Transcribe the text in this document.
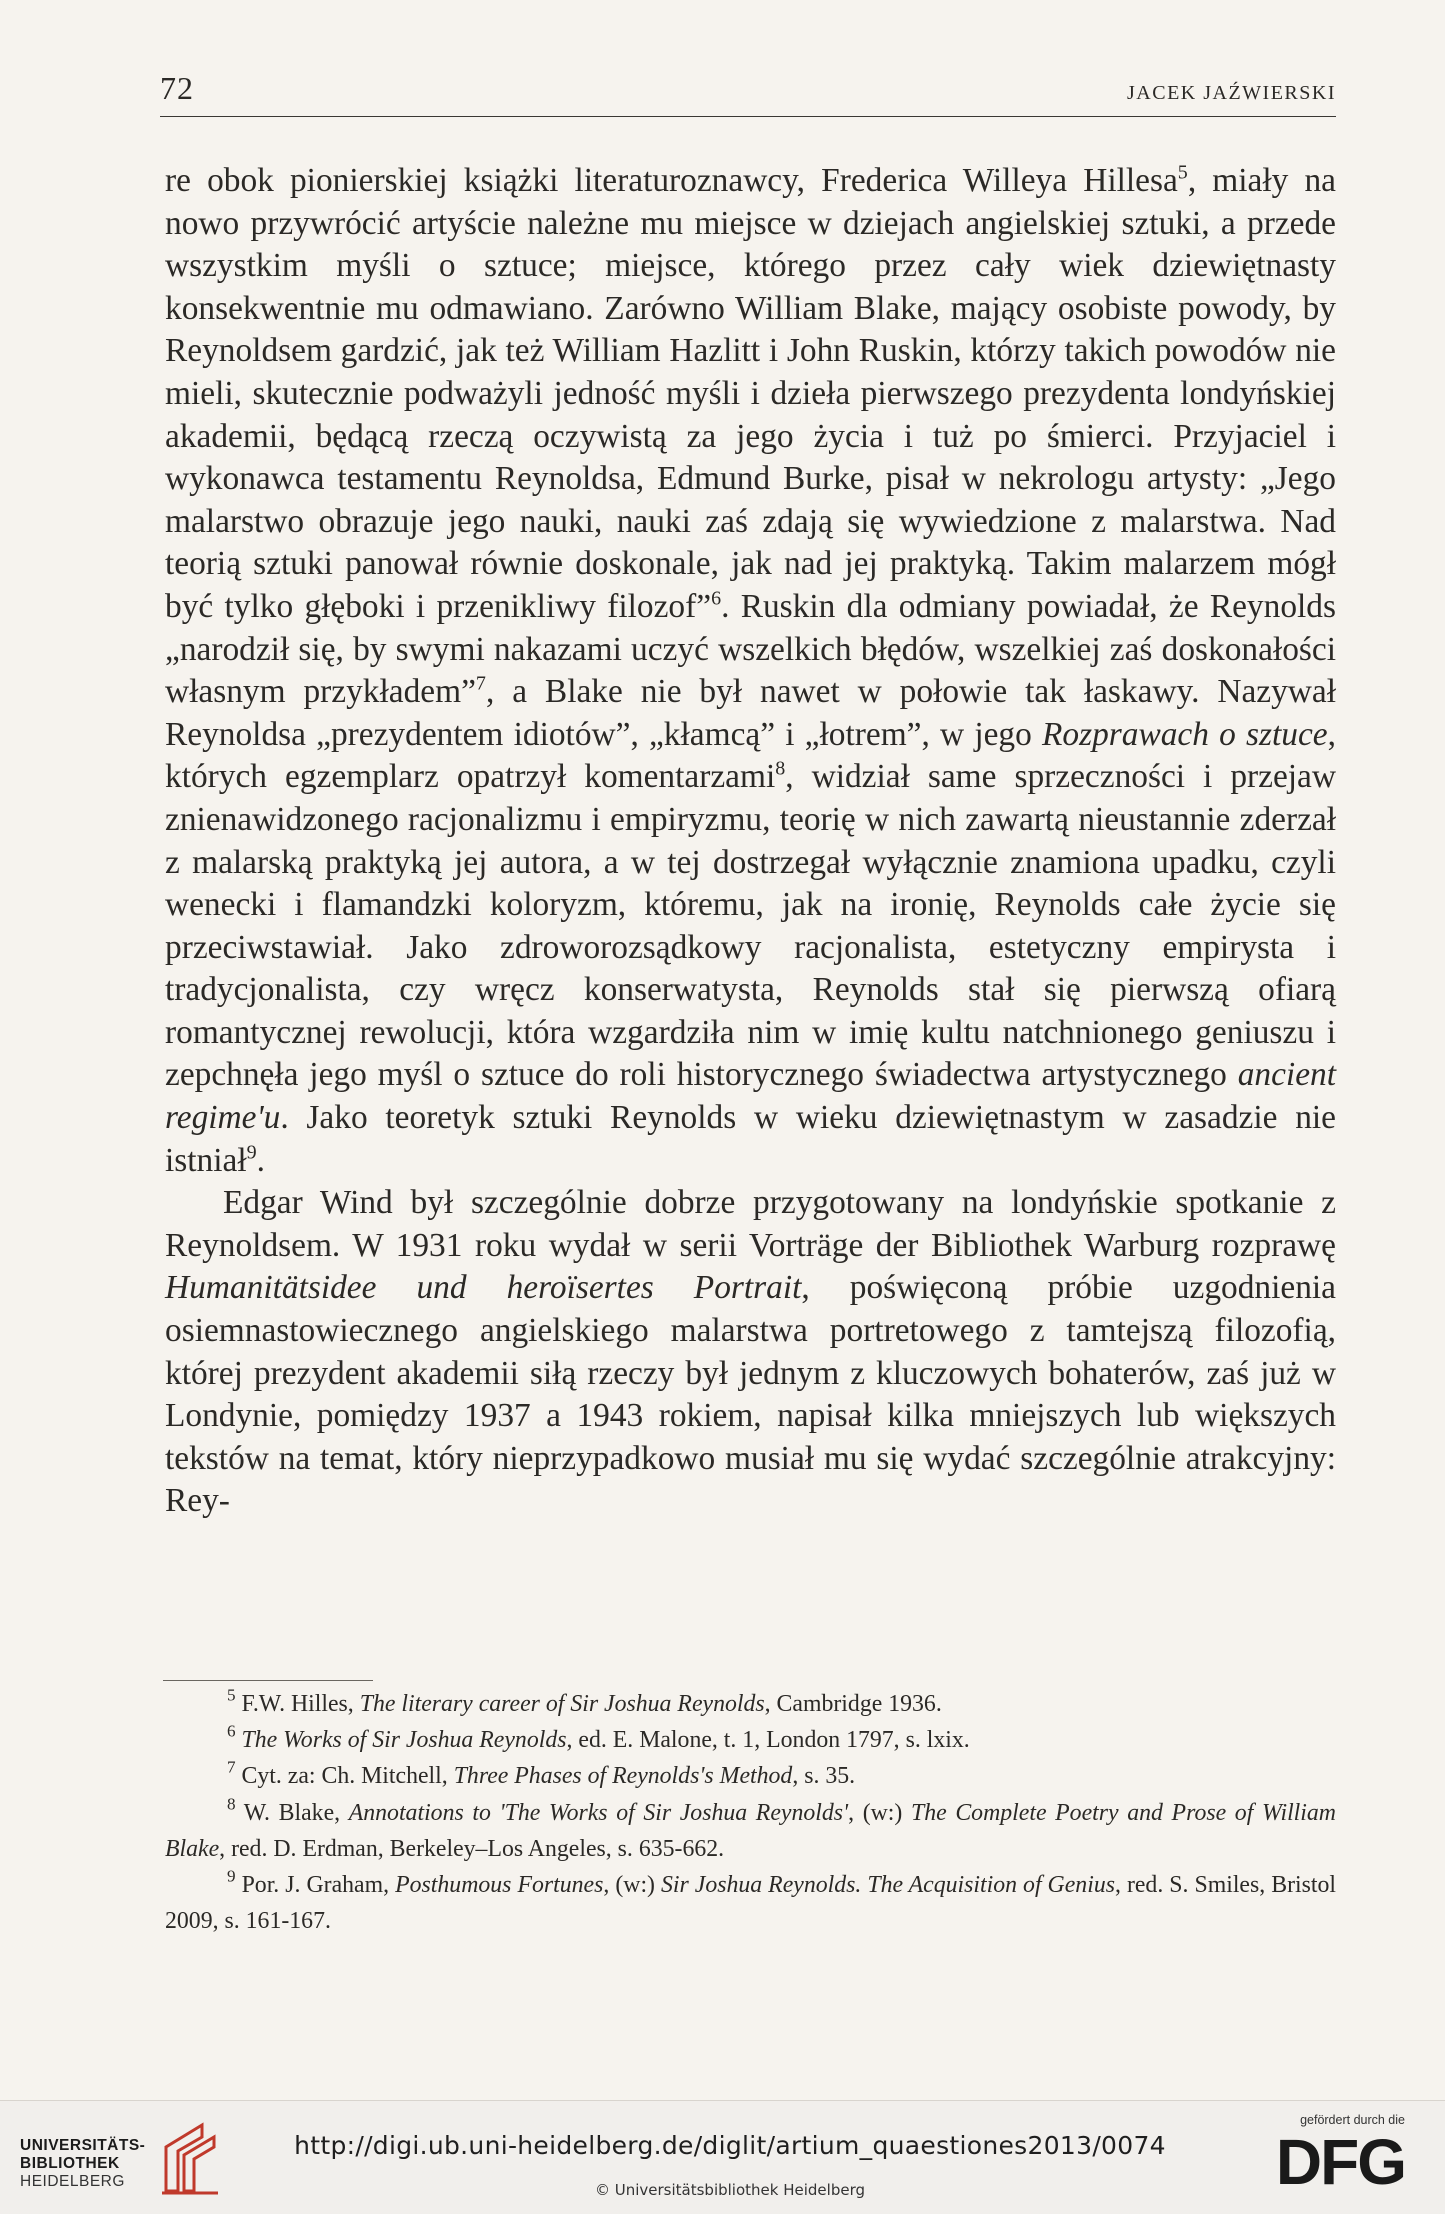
72	JACEK JAŹWIERSKI

re obok pionierskiej książki literaturoznawcy, Frederica Willeya Hillesa$^5$, miały na nowo przywrócić artyście należne mu miejsce w dziejach angielskiej sztuki, a przede wszystkim myśli o sztuce; miejsce, którego przez cały wiek dziewiętnasty konsekwentnie mu odmawiano. Zarówno William Blake, mający osobiste powody, by Reynoldsem gardzić, jak też William Hazlitt i John Ruskin, którzy takich powodów nie mieli, skutecznie podważyli jedność myśli i dzieła pierwszego prezydenta londyńskiej akademii, będącą rzeczą oczywistą za jego życia i tuż po śmierci. Przyjaciel i wykonawca testamentu Reynoldsa, Edmund Burke, pisał w nekrologu artysty: „Jego malarstwo obrazuje jego nauki, nauki zaś zdają się wywiedzione z malarstwa. Nad teorią sztuki panował równie doskonale, jak nad jej praktyką. Takim malarzem mógł być tylko głęboki i przenikliwy filozof”$^6$. Ruskin dla odmiany powiadał, że Reynolds „narodził się, by swymi nakazami uczyć wszelkich błędów, wszelkiej zaś doskonałości własnym przykładem”$^7$, a Blake nie był nawet w połowie tak łaskawy. Nazywał Reynoldsa „prezydentem idiotów”, „kłamcą” i „łotrem”, w jego Rozprawach o sztuce, których egzemplarz opatrzył komentarzami$^8$, widział same sprzeczności i przejaw znienawidzonego racjonalizmu i empiryzmu, teorię w nich zawartą nieustannie zderzał z malarską praktyką jej autora, a w tej dostrzegał wyłącznie znamiona upadku, czyli wenecki i flamandzki koloryzm, któremu, jak na ironię, Reynolds całe życie się przeciwstawiał. Jako zdroworozsądkowy racjonalista, estetyczny empirysta i tradycjonalista, czy wręcz konserwatysta, Reynolds stał się pierwszą ofiarą romantycznej rewolucji, która wzgardziła nim w imię kultu natchnionego geniuszu i zepchnęła jego myśl o sztuce do roli historycznego świadectwa artystycznego ancient regime'u. Jako teoretyk sztuki Reynolds w wieku dziewiętnastym w zasadzie nie istniał$^9$.

Edgar Wind był szczególnie dobrze przygotowany na londyńskie spotkanie z Reynoldsem. W 1931 roku wydał w serii Vorträge der Bibliothek Warburg rozprawę Humanitätsidee und heroïsertes Portrait, poświęconą próbie uzgodnienia osiemnastowiecznego angielskiego malarstwa portretowego z tamtejszą filozofią, której prezydent akademii siłą rzeczy był jednym z kluczowych bohaterów, zaś już w Londynie, pomiędzy 1937 a 1943 rokiem, napisał kilka mniejszych lub większych tekstów na temat, który nieprzypadkowo musiał mu się wydać szczególnie atrakcyjny: Rey-

$^5$ F.W. Hilles, The literary career of Sir Joshua Reynolds, Cambridge 1936.

$^6$ The Works of Sir Joshua Reynolds, ed. E. Malone, t. 1, London 1797, s. lxix.

$^7$ Cyt. za: Ch. Mitchell, Three Phases of Reynolds's Method, s. 35.

$^8$ W. Blake, Annotations to 'The Works of Sir Joshua Reynolds', (w:) The Complete Poetry and Prose of William Blake, red. D. Erdman, Berkeley–Los Angeles, s. 635-662.

$^9$ Por. J. Graham, Posthumous Fortunes, (w:) Sir Joshua Reynolds. The Acquisition of Genius, red. S. Smiles, Bristol 2009, s. 161-167.

UNIVERSITÄTS-
BIBLIOTHEK
HEIDELBERG
http://digi.ub.uni-heidelberg.de/diglit/artium_quaestiones2013/0074
© Universitätsbibliothek Heidelberg
gefördert durch die
DFG
